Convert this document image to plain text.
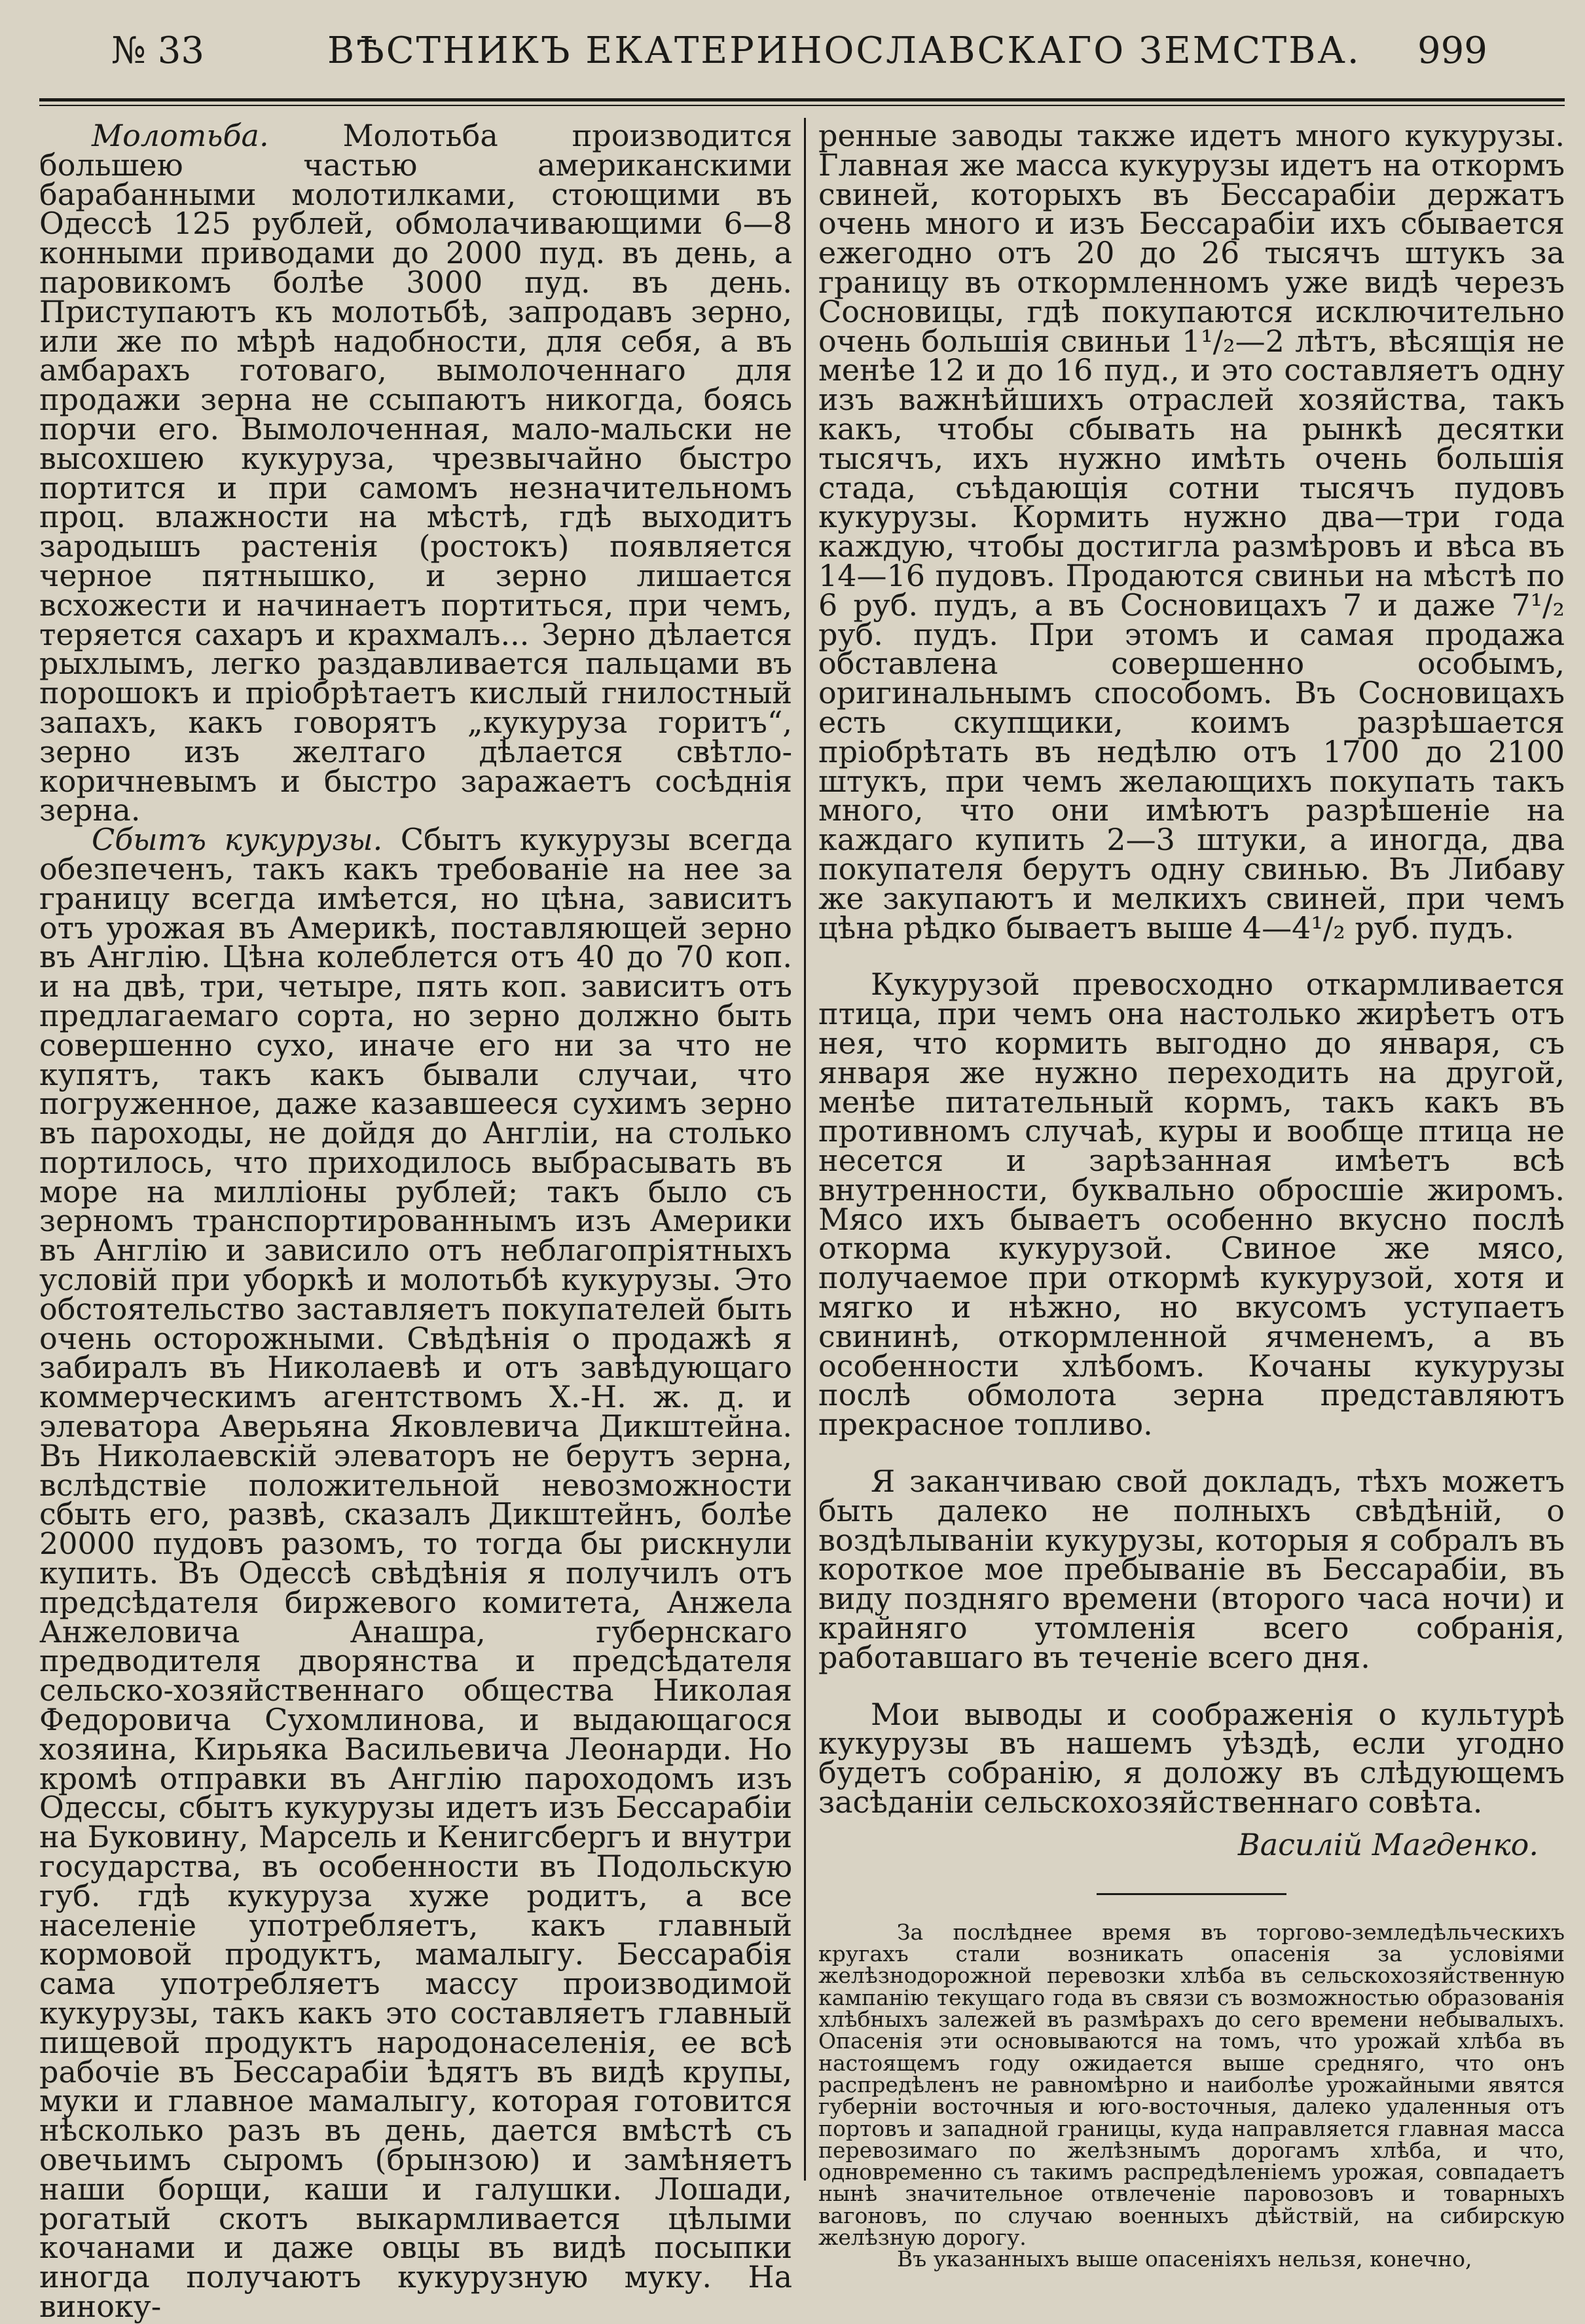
№ 33	ВѢСТНИКЪ ЕКАТЕРИНОСЛАВСКАГО ЗЕМСТВА. 999

Молотьба. Молотьба производится большею частью американскими барабанными молотилками, стоющими въ Одессѣ 125 рублей, обмолачивающими 6—8 конными приводами до 2000 пуд. въ день, а паровикомъ болѣе 3000 пуд. въ день. Приступаютъ къ молотьбѣ, запродавъ зерно, или же по мѣрѣ надобности, для себя, а въ амбарахъ готоваго, вымолоченнаго для продажи зерна не ссыпаютъ никогда, боясь порчи его. Вымолоченная, мало-мальски не высохшею кукуруза, чрезвычайно быстро портится и при самомъ незначительномъ проц. влажности на мѣстѣ, гдѣ выходитъ зародышъ растенія (ростокъ) появляется черное пятнышко, и зерно лишается всхожести и начинаетъ портиться, при чемъ, теряется сахаръ и крахмалъ... Зерно дѣлается рыхлымъ, легко раздавливается пальцами въ порошокъ и пріобрѣтаетъ кислый гнилостный запахъ, какъ говорятъ „кукуруза горитъ“, зерно изъ желтаго дѣлается свѣтло-коричневымъ и быстро заражаетъ сосѣднія зерна.

Сбытъ кукурузы. Сбытъ кукурузы всегда обезпеченъ, такъ какъ требованіе на нее за границу всегда имѣется, но цѣна, зависитъ отъ урожая въ Америкѣ, поставляющей зерно въ Англію. Цѣна колеблется отъ 40 до 70 коп. и на двѣ, три, четыре, пять коп. зависитъ отъ предлагаемаго сорта, но зерно должно быть совершенно сухо, иначе его ни за что не купятъ, такъ какъ бывали случаи, что погруженное, даже казавшееся сухимъ зерно въ пароходы, не дойдя до Англіи, на столько портилось, что приходилось выбрасывать въ море на милліоны рублей; такъ было съ зерномъ транспортированнымъ изъ Америки въ Англію и зависило отъ неблагопріятныхъ условій при уборкѣ и молотьбѣ кукурузы. Это обстоятельство заставляетъ покупателей быть очень осторожными. Свѣдѣнія о продажѣ я забиралъ въ Николаевѣ и отъ завѣдующаго коммерческимъ агентствомъ Х.-Н. ж. д. и элеватора Аверьяна Яковлевича Дикштейна. Въ Николаевскій элеваторъ не берутъ зерна, вслѣдствіе положительной невозможности сбыть его, развѣ, сказалъ Дикштейнъ, болѣе 20000 пудовъ разомъ, то тогда бы рискнули купить. Въ Одессѣ свѣдѣнія я получилъ отъ предсѣдателя биржевого комитета, Анжела Анжеловича Анашра, губернскаго предводителя дворянства и предсѣдателя сельско-хозяйственнаго общества Николая Федоровича Сухомлинова, и выдающагося хозяина, Кирьяка Васильевича Леонарди. Но кромѣ отправки въ Англію пароходомъ изъ Одессы, сбытъ кукурузы идетъ изъ Бессарабіи на Буковину, Марсель и Кенигсбергъ и внутри государства, въ особенности въ Подольскую губ. гдѣ кукуруза хуже родитъ, а все населеніе употребляетъ, какъ главный кормовой продуктъ, мамалыгу. Бессарабія сама употребляетъ массу производимой кукурузы, такъ какъ это составляетъ главный пищевой продуктъ народонаселенія, ее всѣ рабочіе въ Бессарабіи ѣдятъ въ видѣ крупы, муки и главное мамалыгу, которая готовится нѣсколько разъ въ день, дается вмѣстѣ съ овечьимъ сыромъ (брынзою) и замѣняетъ наши борщи, каши и галушки. Лошади, рогатый скотъ выкармливается цѣлыми кочанами и даже овцы въ видѣ посыпки иногда получаютъ кукурузную муку. На виноку-

ренные заводы также идетъ много кукурузы. Главная же масса кукурузы идетъ на откормъ свиней, которыхъ въ Бессарабіи держатъ очень много и изъ Бессарабіи ихъ сбывается ежегодно отъ 20 до 26 тысячъ штукъ за границу въ откормленномъ уже видѣ черезъ Сосновицы, гдѣ покупаются исключительно очень большія свиньи 1¹/₂—2 лѣтъ, вѣсящія не менѣе 12 и до 16 пуд., и это составляетъ одну изъ важнѣйшихъ отраслей хозяйства, такъ какъ, чтобы сбывать на рынкѣ десятки тысячъ, ихъ нужно имѣть очень большія стада, съѣдающія сотни тысячъ пудовъ кукурузы. Кормить нужно два—три года каждую, чтобы достигла размѣровъ и вѣса въ 14—16 пудовъ. Продаются свиньи на мѣстѣ по 6 руб. пудъ, а въ Сосновицахъ 7 и даже 7¹/₂ руб. пудъ. При этомъ и самая продажа обставлена совершенно особымъ, оригинальнымъ способомъ. Въ Сосновицахъ есть скупщики, коимъ разрѣшается пріобрѣтать въ недѣлю отъ 1700 до 2100 штукъ, при чемъ желающихъ покупать такъ много, что они имѣютъ разрѣшеніе на каждаго купить 2—3 штуки, а иногда, два покупателя берутъ одну свинью. Въ Либаву же закупаютъ и мелкихъ свиней, при чемъ цѣна рѣдко бываетъ выше 4—4¹/₂ руб. пудъ.

Кукурузой превосходно откармливается птица, при чемъ она настолько жирѣетъ отъ нея, что кормить выгодно до января, съ января же нужно переходить на другой, менѣе питательный кормъ, такъ какъ въ противномъ случаѣ, куры и вообще птица не несется и зарѣзанная имѣетъ всѣ внутренности, буквально обросшіе жиромъ. Мясо ихъ бываетъ особенно вкусно послѣ откорма кукурузой. Свиное же мясо, получаемое при откормѣ кукурузой, хотя и мягко и нѣжно, но вкусомъ уступаетъ свининѣ, откормленной ячменемъ, а въ особенности хлѣбомъ. Кочаны кукурузы послѣ обмолота зерна представляютъ прекрасное топливо.

Я заканчиваю свой докладъ, тѣхъ можетъ быть далеко не полныхъ свѣдѣній, о воздѣлываніи кукурузы, которыя я собралъ въ короткое мое пребываніе въ Бессарабіи, въ виду поздняго времени (второго часа ночи) и крайняго утомленія всего собранія, работавшаго въ теченіе всего дня.

Мои выводы и соображенія о культурѣ кукурузы въ нашемъ уѣздѣ, если угодно будетъ собранію, я доложу въ слѣдующемъ засѣданіи сельскохозяйственнаго совѣта.

Василій Магденко.

За послѣднее время въ торгово-земледѣльческихъ кругахъ стали возникать опасенія за условіями желѣзнодорожной перевозки хлѣба въ сельскохозяйственную кампанію текущаго года въ связи съ возможностью образованія хлѣбныхъ залежей въ размѣрахъ до сего времени небывалыхъ. Опасенія эти основываются на томъ, что урожай хлѣба въ настоящемъ году ожидается выше средняго, что онъ распредѣленъ не равномѣрно и наиболѣе урожайными явятся губерніи восточныя и юго-восточныя, далеко удаленныя отъ портовъ и западной границы, куда направляется главная масса перевозимаго по желѣзнымъ дорогамъ хлѣба, и что, одновременно съ такимъ распредѣленіемъ урожая, совпадаетъ нынѣ значительное отвлеченіе паровозовъ и товарныхъ вагоновъ, по случаю военныхъ дѣйствій, на сибирскую желѣзную дорогу.

Въ указанныхъ выше опасеніяхъ нельзя, конечно,
